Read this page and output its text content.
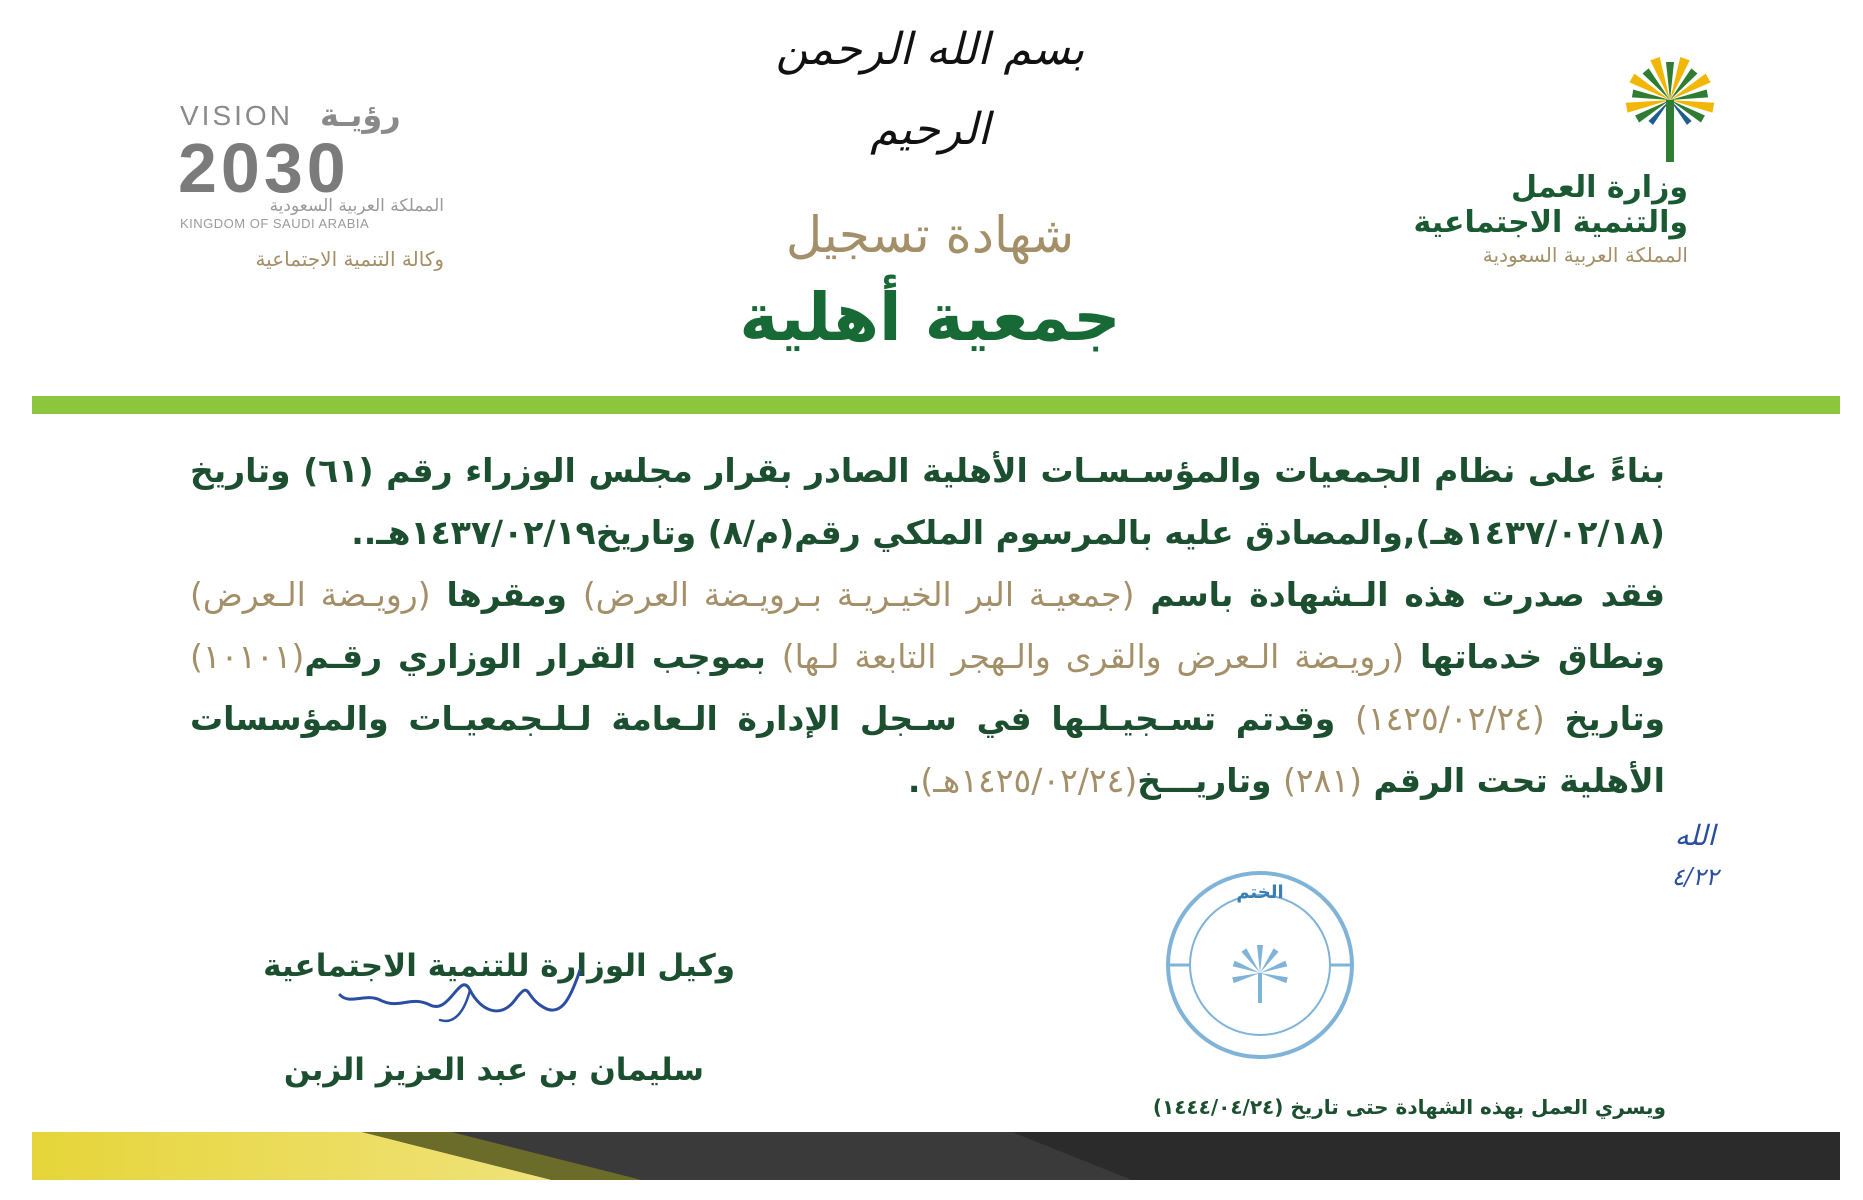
بسم الله الرحمن الرحيم
شهادة تسجيل
جمعية أهلية
وزارة العمل
والتنمية الاجتماعية
المملكة العربية السعودية
VISION رؤيـة
2030
المملكة العربية السعودية
KINGDOM OF SAUDI ARABIA
وكالة التنمية الاجتماعية

بناءً على نظام الجمعيات والمؤسـسـات الأهلية الصادر بقرار مجلس الوزراء رقم (٦١) وتاريخ (١٤٣٧/٠٢/١٨هـ),والمصادق عليه بالمرسوم الملكي رقم(م/٨) وتاريخ١٤٣٧/٠٢/١٩هـ..

فقد صدرت هذه الـشهادة باسم (جمعيـة البر الخيـريـة بـرويـضة العرض) ومقرها (رويـضة الـعرض) ونطاق خدماتها (رويـضة الـعرض والقرى والـهجر التابعة لـها) بموجب القرار الوزاري رقـم(١٠١٠١) وتاريخ (١٤٢٥/٠٢/٢٤) وقدتم تسـجيـلـها في سـجل الإدارة الـعامة لـلـجمعيـات والمؤسسات الأهلية تحت الرقم (٢٨١) وتاريـــخ(١٤٢٥/٠٢/٢٤هـ).

وكيل الوزارة للتنمية الاجتماعية
سليمان بن عبد العزيز الزبن
الختم
الله
٤/٢٢
ويسري العمل بهذه الشهادة حتى تاريخ (١٤٤٤/٠٤/٢٤)
